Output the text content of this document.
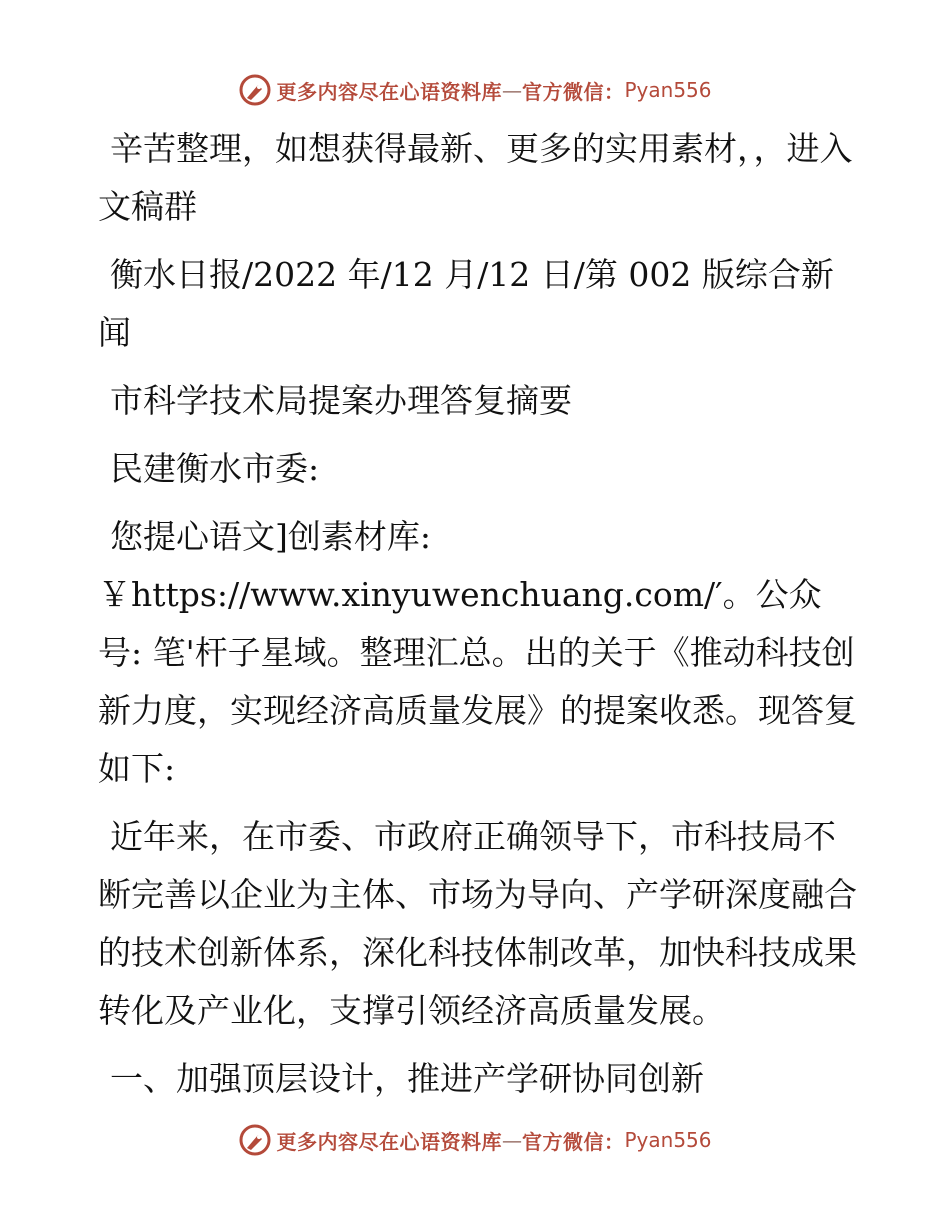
更多内容尽在心语资料库 — 官方微信： Pyan556

辛苦整理，如想获得最新、更多的实用素材，，进入文稿群

衡水日报/2022 年/12 月/12 日/第 002 版综合新闻

市科学技术局提案办理答复摘要

民建衡水市委:

您提心语文]创素材库: ￥https://www.xinyuwenchuang.com/′。公众号: 笔'杆子星域。整理汇总。出的关于《推动科技创新力度，实现经济高质量发展》的提案收悉。现答复如下:

近年来，在市委、市政府正确领导下，市科技局不断完善以企业为主体、市场为导向、产学研深度融合的技术创新体系，深化科技体制改革，加快科技成果转化及产业化，支撑引领经济高质量发展。

一、加强顶层设计，推进产学研协同创新

更多内容尽在心语资料库 — 官方微信： Pyan556
